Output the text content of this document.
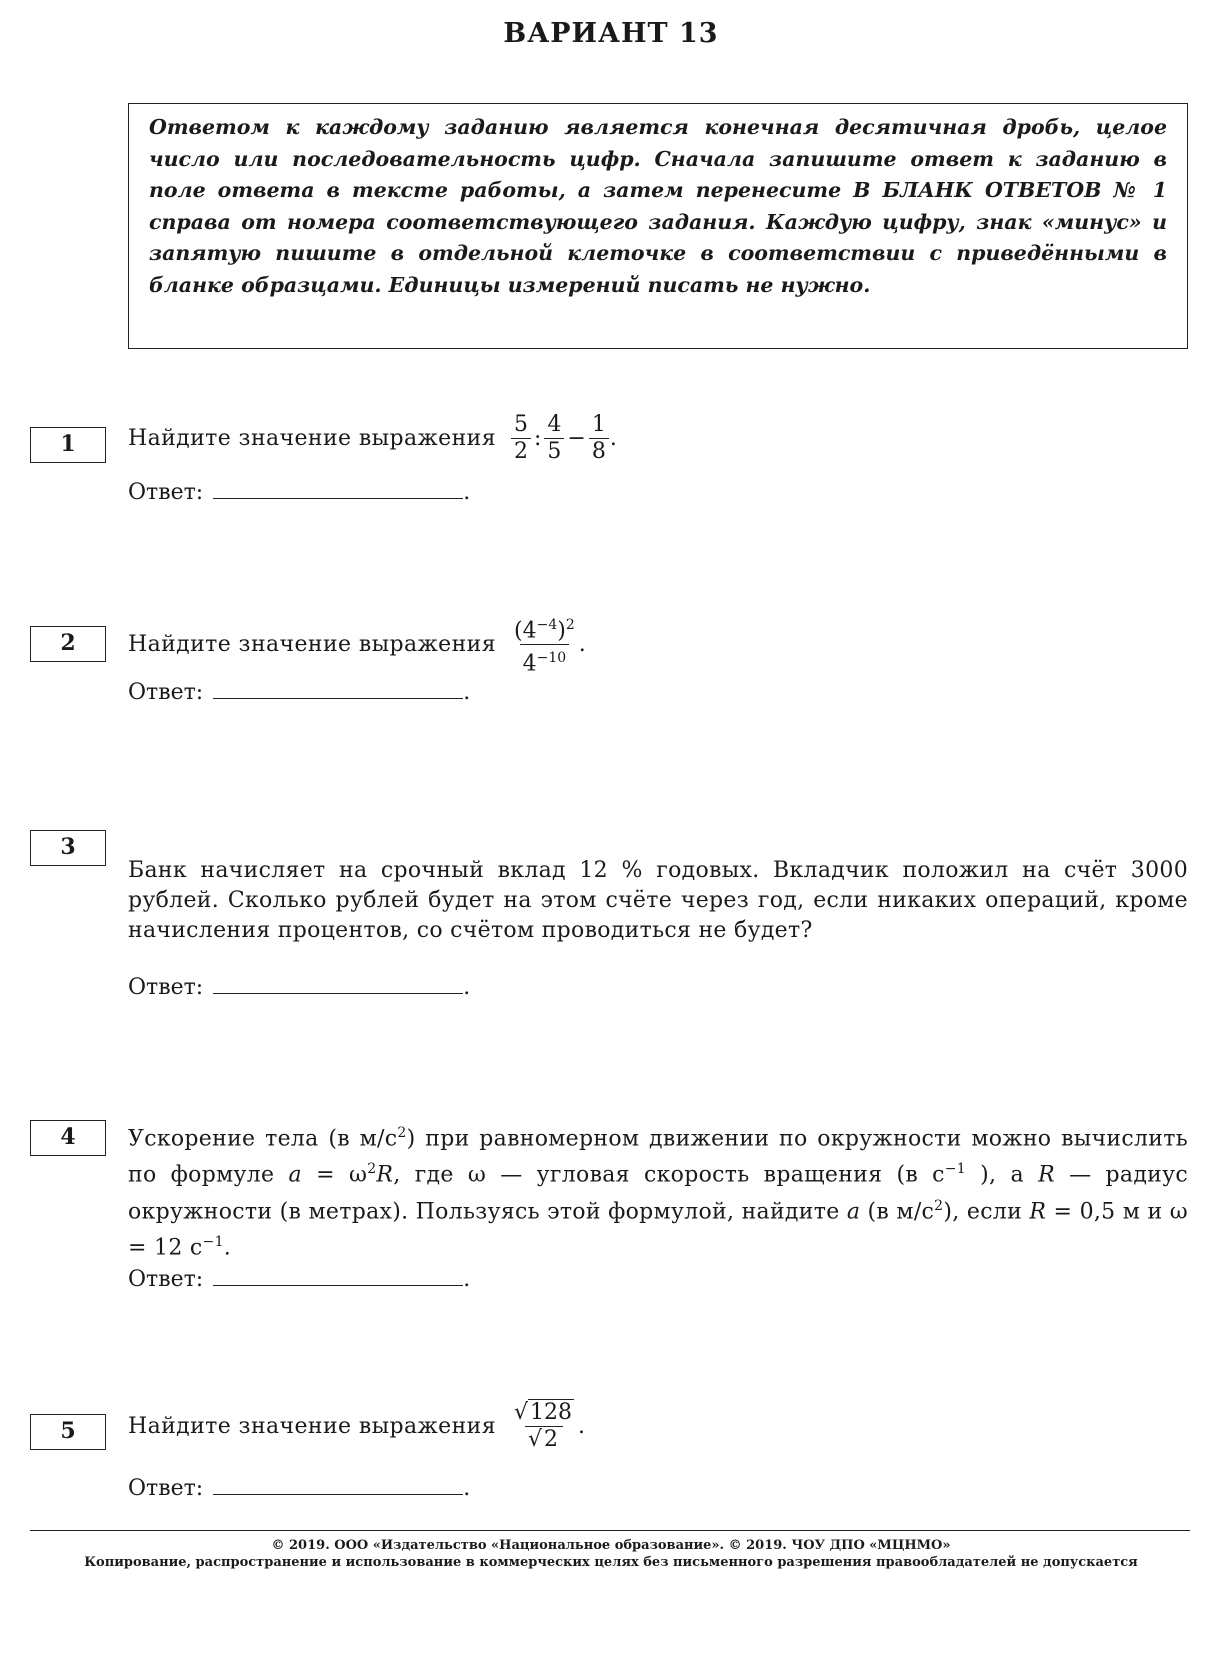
ВАРИАНТ 13
Ответом к каждому заданию является конечная десятичная дробь, целое число или последовательность цифр. Сначала запишите ответ к заданию в поле ответа в тексте работы, а затем перенесите В БЛАНК ОТВЕТОВ № 1 справа от номера соответствующего задания. Каждую цифру, знак «минус» и запятую пишите в отдельной клеточке в соответствии с приведёнными в бланке образцами. Единицы измерений писать не нужно.
1	Найдите значение выражения $\frac{5}{2}$ : $\frac{4}{5} - \frac{1}{8}$ .
Ответ:	.
2	Найдите значение выражения $\frac{(4^{-4})^2}{4^{-10}}$ .
Ответ:	.
3
Банк начисляет на срочный вклад 12 % годовых. Вкладчик положил на счёт 3000 рублей. Сколько рублей будет на этом счёте через год, если никаких операций, кроме начисления процентов, со счётом проводиться не будет?
Ответ:	.
4	Ускорение тела (в $м/с^2$) при равномерном движении по окружности можно вычислить по формуле $a = \omega^2R$, где ω — угловая скорость вращения (в $с^{-1}$ ), а R — радиус окружности (в метрах). Пользуясь этой формулой, найдите a (в $м/с^2$), если R = 0,5 м и ω = 12 $с^{-1}$.
Ответ:	.
5	Найдите значение выражения $\frac{√128}{√2}$ .
Ответ:	.
© 2019. ООО «Издательство «Национальное образование». © 2019. ЧОУ ДПО «МЦНМО»
Копирование, распространение и использование в коммерческих целях без письменного разрешения правообладателей не допускается
